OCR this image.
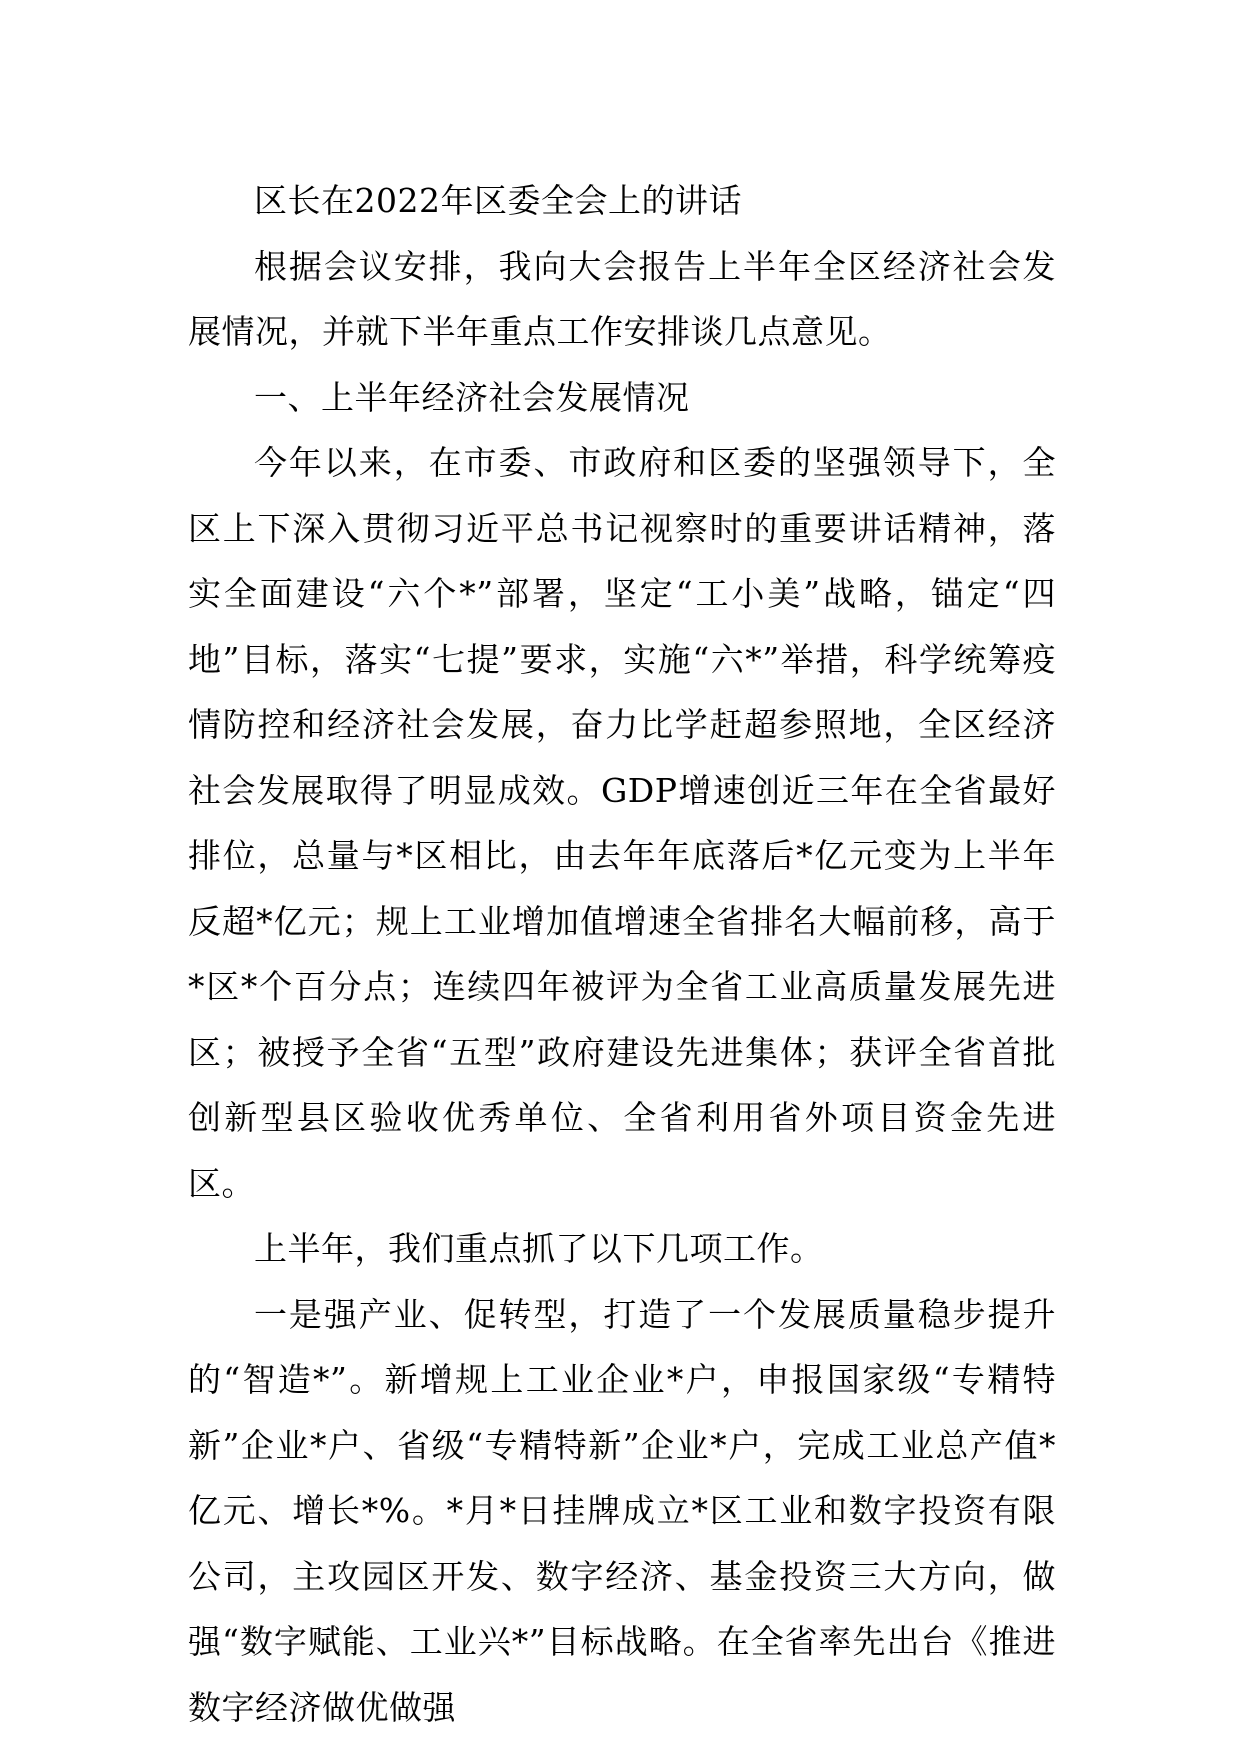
区长在2022年区委全会上的讲话

根据会议安排，我向大会报告上半年全区经济社会发展情况，并就下半年重点工作安排谈几点意见。

一、上半年经济社会发展情况

今年以来，在市委、市政府和区委的坚强领导下，全区上下深入贯彻习近平总书记视察时的重要讲话精神，落实全面建设“六个*”部署，坚定“工小美”战略，锚定“四地”目标，落实“七提”要求，实施“六*”举措，科学统筹疫情防控和经济社会发展，奋力比学赶超参照地，全区经济社会发展取得了明显成效。GDP增速创近三年在全省最好排位，总量与*区相比，由去年年底落后*亿元变为上半年反超*亿元；规上工业增加值增速全省排名大幅前移，高于*区*个百分点；连续四年被评为全省工业高质量发展先进区；被授予全省“五型”政府建设先进集体；获评全省首批创新型县区验收优秀单位、全省利用省外项目资金先进区。

上半年，我们重点抓了以下几项工作。

一是强产业、促转型，打造了一个发展质量稳步提升的“智造*”。新增规上工业企业*户，申报国家级“专精特新”企业*户、省级“专精特新”企业*户，完成工业总产值*亿元、增长*%。*月*日挂牌成立*区工业和数字投资有限公司，主攻园区开发、数字经济、基金投资三大方向，做强“数字赋能、工业兴*”目标战略。在全省率先出台《推进数字经济做优做强
